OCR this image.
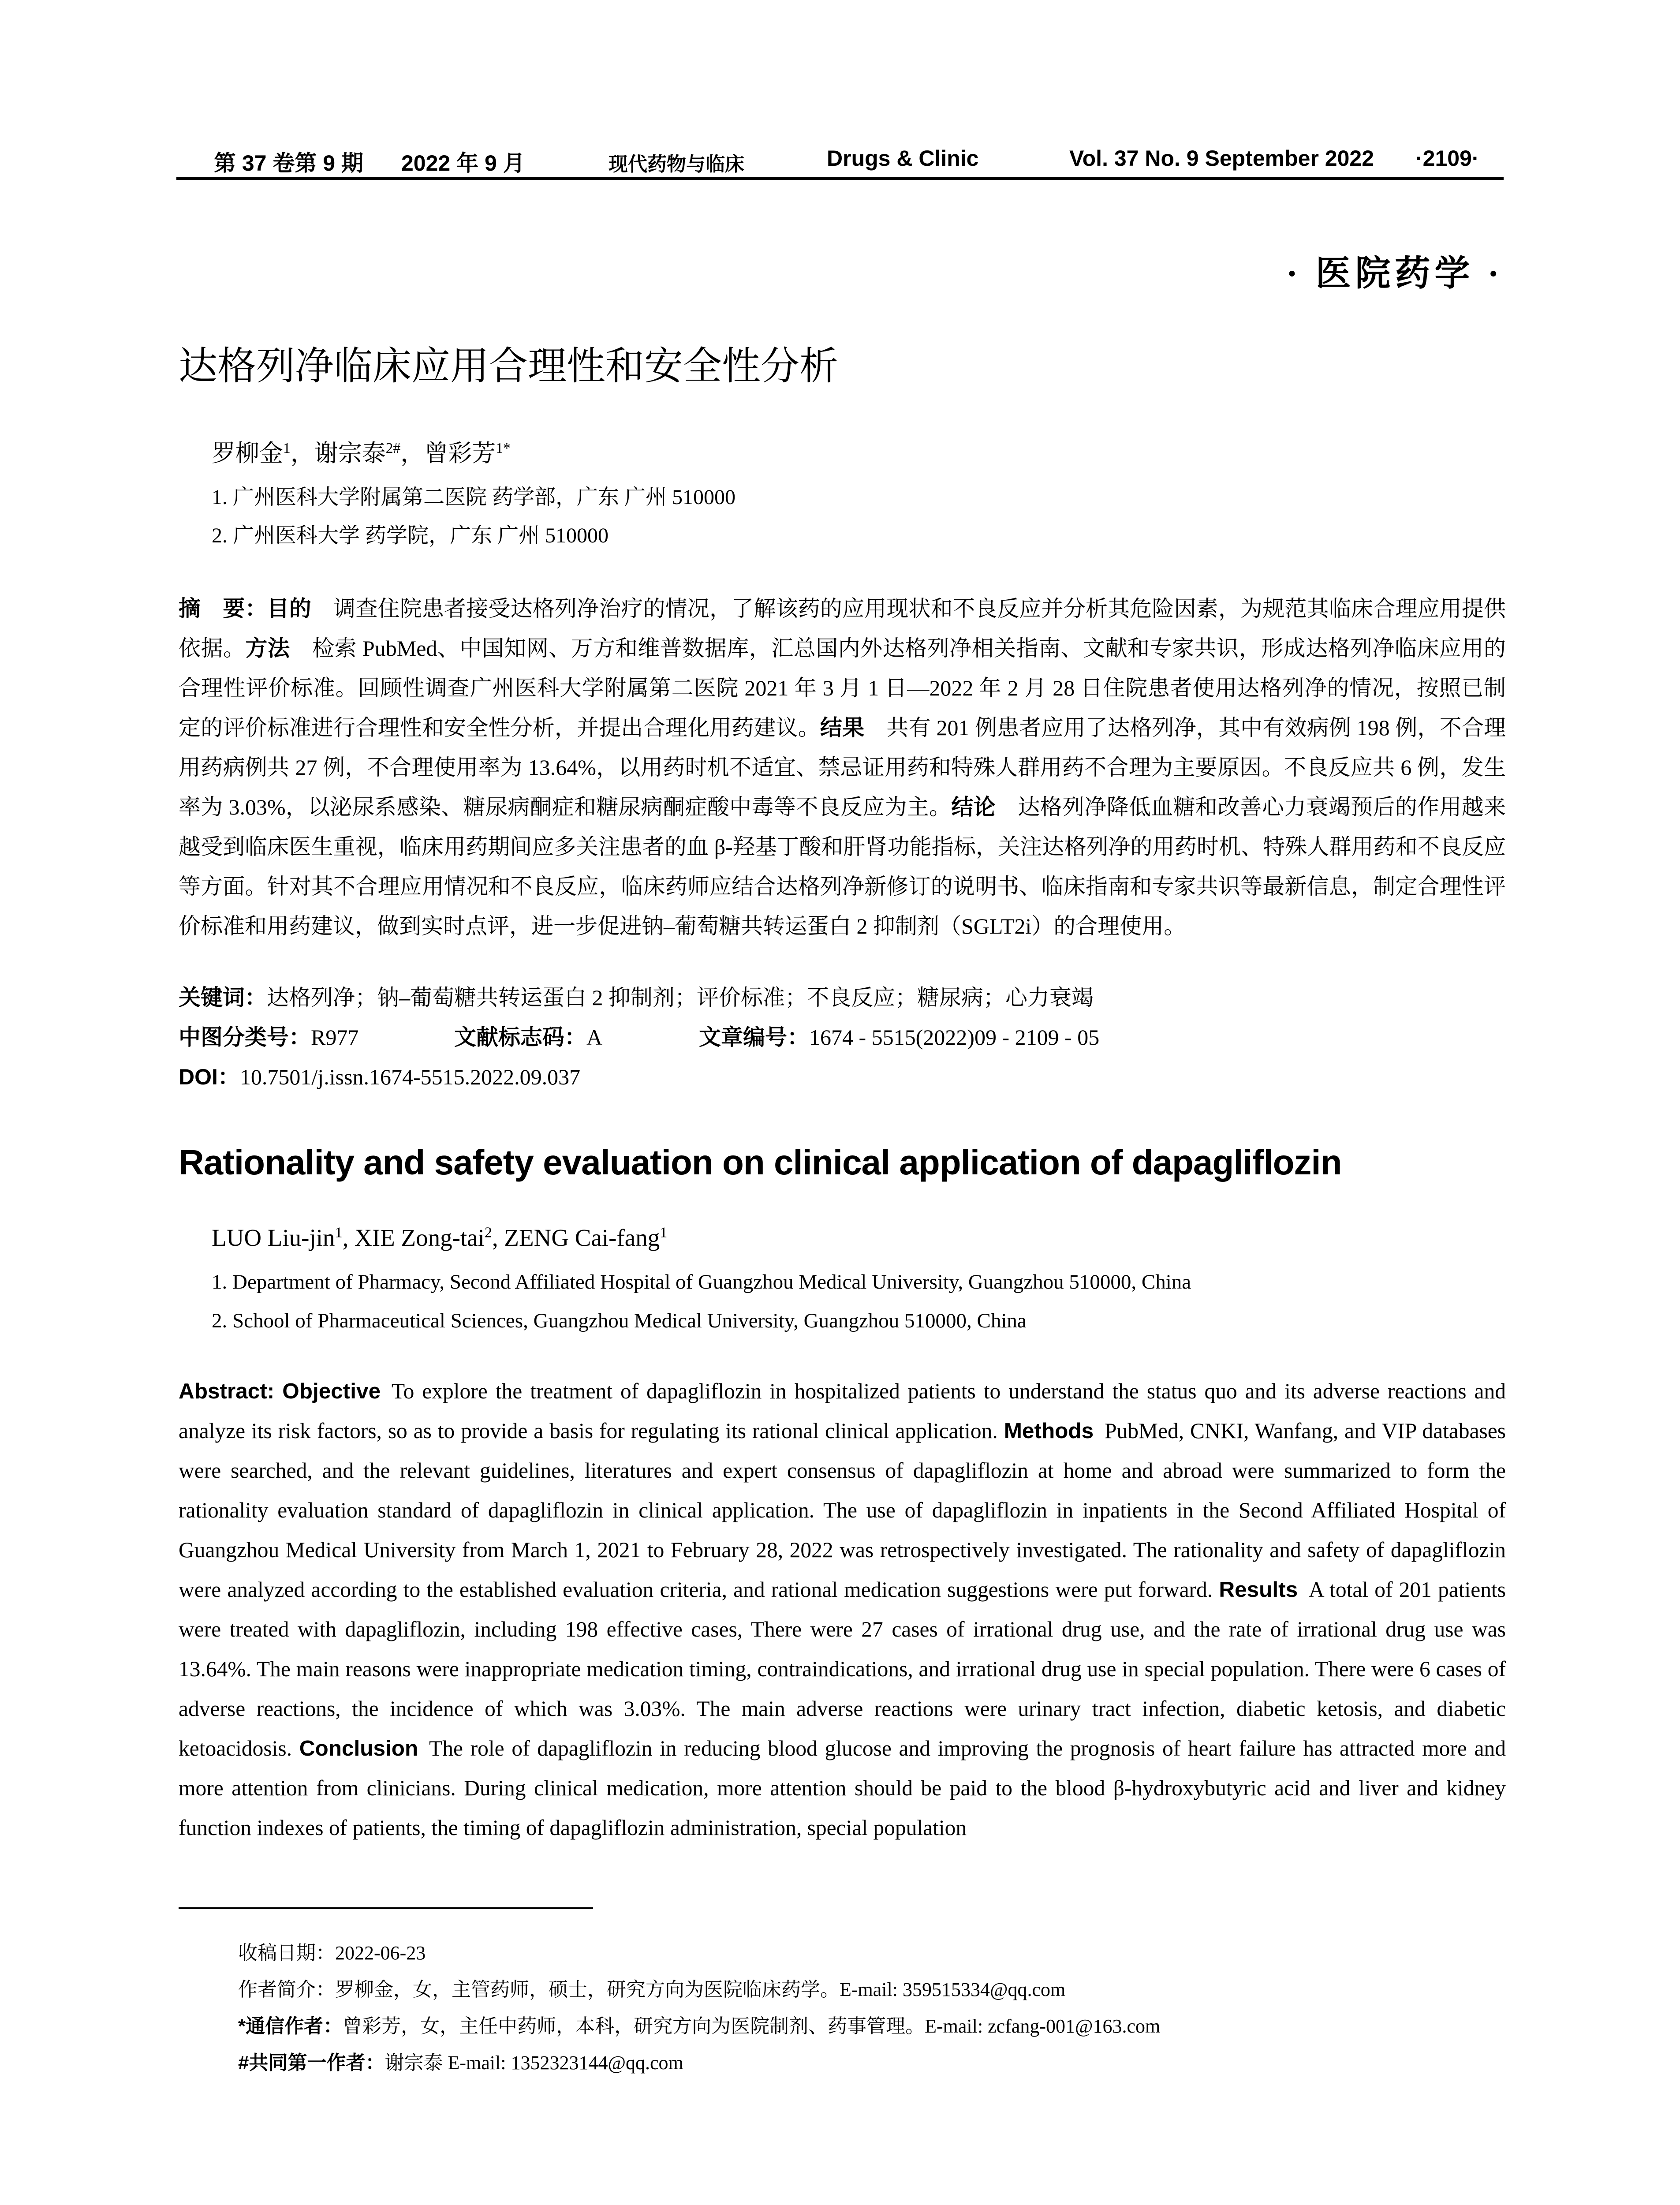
第 37 卷第 9 期 2022 年 9 月	现代药物与临床	Drugs & Clinic	Vol. 37 No. 9 September 2022 ·2109·
· 医院药学 ·
达格列净临床应用合理性和安全性分析
罗柳金$^1$，谢宗泰$^{2\#}$，曾彩芳$^{1*}$
1. 广州医科大学附属第二医院 药学部，广东 广州 510000
2. 广州医科大学 药学院，广东 广州 510000
摘　要：目的  调查住院患者接受达格列净治疗的情况，了解该药的应用现状和不良反应并分析其危险因素，为规范其临床合理应用提供依据。方法  检索 PubMed、中国知网、万方和维普数据库，汇总国内外达格列净相关指南、文献和专家共识，形成达格列净临床应用的合理性评价标准。回顾性调查广州医科大学附属第二医院 2021 年 3 月 1 日—2022 年 2 月 28 日住院患者使用达格列净的情况，按照已制定的评价标准进行合理性和安全性分析，并提出合理化用药建议。结果  共有 201 例患者应用了达格列净，其中有效病例 198 例，不合理用药病例共 27 例，不合理使用率为 13.64%，以用药时机不适宜、禁忌证用药和特殊人群用药不合理为主要原因。不良反应共 6 例，发生率为 3.03%，以泌尿系感染、糖尿病酮症和糖尿病酮症酸中毒等不良反应为主。结论  达格列净降低血糖和改善心力衰竭预后的作用越来越受到临床医生重视，临床用药期间应多关注患者的血 β-羟基丁酸和肝肾功能指标，关注达格列净的用药时机、特殊人群用药和不良反应等方面。针对其不合理应用情况和不良反应，临床药师应结合达格列净新修订的说明书、临床指南和专家共识等最新信息，制定合理性评价标准和用药建议，做到实时点评，进一步促进钠–葡萄糖共转运蛋白 2 抑制剂（SGLT2i）的合理使用。
关键词：达格列净；钠–葡萄糖共转运蛋白 2 抑制剂；评价标准；不良反应；糖尿病；心力衰竭
中图分类号：R977	文献标志码：A	文章编号：1674 - 5515(2022)09 - 2109 - 05
DOI：10.7501/j.issn.1674-5515.2022.09.037
Rationality and safety evaluation on clinical application of dapagliflozin
LUO Liu-jin$^1$, XIE Zong-tai$^2$, ZENG Cai-fang$^1$
1. Department of Pharmacy, Second Affiliated Hospital of Guangzhou Medical University, Guangzhou 510000, China
2. School of Pharmaceutical Sciences, Guangzhou Medical University, Guangzhou 510000, China
Abstract: Objective  To explore the treatment of dapagliflozin in hospitalized patients to understand the status quo and its adverse reactions and analyze its risk factors, so as to provide a basis for regulating its rational clinical application. Methods  PubMed, CNKI, Wanfang, and VIP databases were searched, and the relevant guidelines, literatures and expert consensus of dapagliflozin at home and abroad were summarized to form the rationality evaluation standard of dapagliflozin in clinical application. The use of dapagliflozin in inpatients in the Second Affiliated Hospital of Guangzhou Medical University from March 1, 2021 to February 28, 2022 was retrospectively investigated. The rationality and safety of dapagliflozin were analyzed according to the established evaluation criteria, and rational medication suggestions were put forward. Results  A total of 201 patients were treated with dapagliflozin, including 198 effective cases, There were 27 cases of irrational drug use, and the rate of irrational drug use was 13.64%. The main reasons were inappropriate medication timing, contraindications, and irrational drug use in special population. There were 6 cases of adverse reactions, the incidence of which was 3.03%. The main adverse reactions were urinary tract infection, diabetic ketosis, and diabetic ketoacidosis. Conclusion  The role of dapagliflozin in reducing blood glucose and improving the prognosis of heart failure has attracted more and more attention from clinicians. During clinical medication, more attention should be paid to the blood β-hydroxybutyric acid and liver and kidney function indexes of patients, the timing of dapagliflozin administration, special population
收稿日期：2022-06-23
作者简介：罗柳金，女，主管药师，硕士，研究方向为医院临床药学。E-mail: 359515334@qq.com
*通信作者：曾彩芳，女，主任中药师，本科，研究方向为医院制剂、药事管理。E-mail: zcfang-001@163.com
#共同第一作者：谢宗泰 E-mail: 1352323144@qq.com
